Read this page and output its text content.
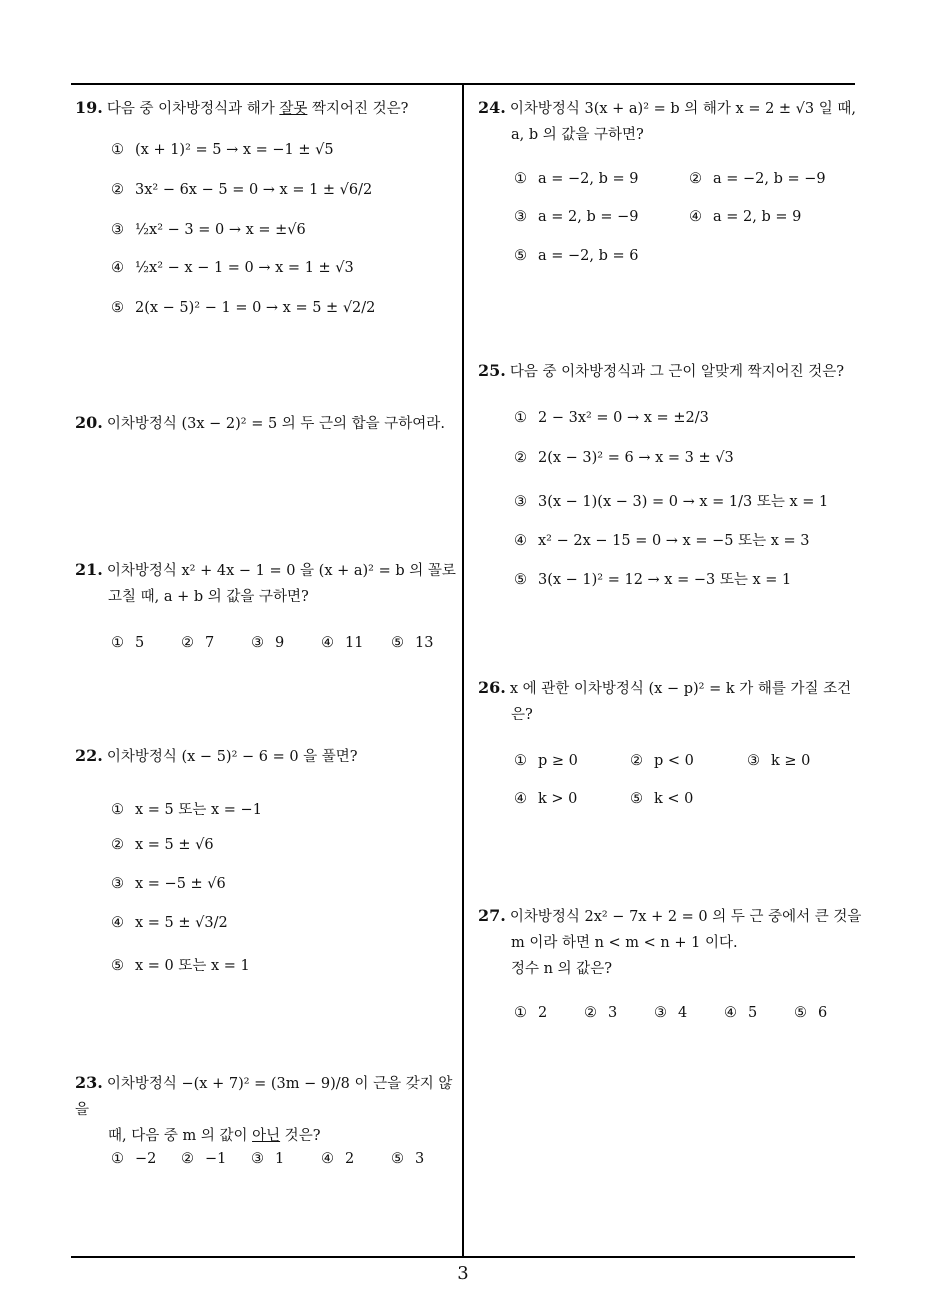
19. 다음 중 이차방정식과 해가 잘못 짝지어진 것은?
① (x + 1)² = 5 → x = −1 ± √5
② 3x² − 6x − 5 = 0 → x = 1 ± √6/2
③ ½x² − 3 = 0 → x = ±√6
④ ½x² − x − 1 = 0 → x = 1 ± √3
⑤ 2(x − 5)² − 1 = 0 → x = 5 ± √2/2
20. 이차방정식 (3x − 2)² = 5 의 두 근의 합을 구하여라.
21. 이차방정식 x² + 4x − 1 = 0 을 (x + a)² = b 의 꼴로
고칠 때, a + b 의 값을 구하면?
① 5	② 7	③ 9	④ 11 ⑤ 13
22. 이차방정식 (x − 5)² − 6 = 0 을 풀면?
① x = 5 또는 x = −1
② x = 5 ± √6
③ x = −5 ± √6
④ x = 5 ± √3/2
⑤ x = 0 또는 x = 1
23. 이차방정식 −(x + 7)² = (3m − 9)/8 이 근을 갖지 않을
때, 다음 중 m 의 값이 아닌 것은?
① −2 ② −1 ③ 1	④ 2	⑤ 3
24. 이차방정식 3(x + a)² = b 의 해가 x = 2 ± √3 일 때,
a, b 의 값을 구하면?
① a = −2, b = 9	② a = −2, b = −9
③ a = 2, b = −9	④ a = 2, b = 9
⑤ a = −2, b = 6
25. 다음 중 이차방정식과 그 근이 알맞게 짝지어진 것은?
① 2 − 3x² = 0 → x = ±2/3
② 2(x − 3)² = 6 → x = 3 ± √3
③ 3(x − 1)(x − 3) = 0 → x = 1/3 또는 x = 1
④ x² − 2x − 15 = 0 → x = −5 또는 x = 3
⑤ 3(x − 1)² = 12 → x = −3 또는 x = 1
26. x 에 관한 이차방정식 (x − p)² = k 가 해를 가질 조건
은?
① p ≥ 0	② p < 0	③ k ≥ 0
④ k > 0	⑤ k < 0
27. 이차방정식 2x² − 7x + 2 = 0 의 두 근 중에서 큰 것을
m 이라 하면 n < m < n + 1 이다.
정수 n 의 값은?
① 2	② 3	③ 4	④ 5	⑤ 6
3
